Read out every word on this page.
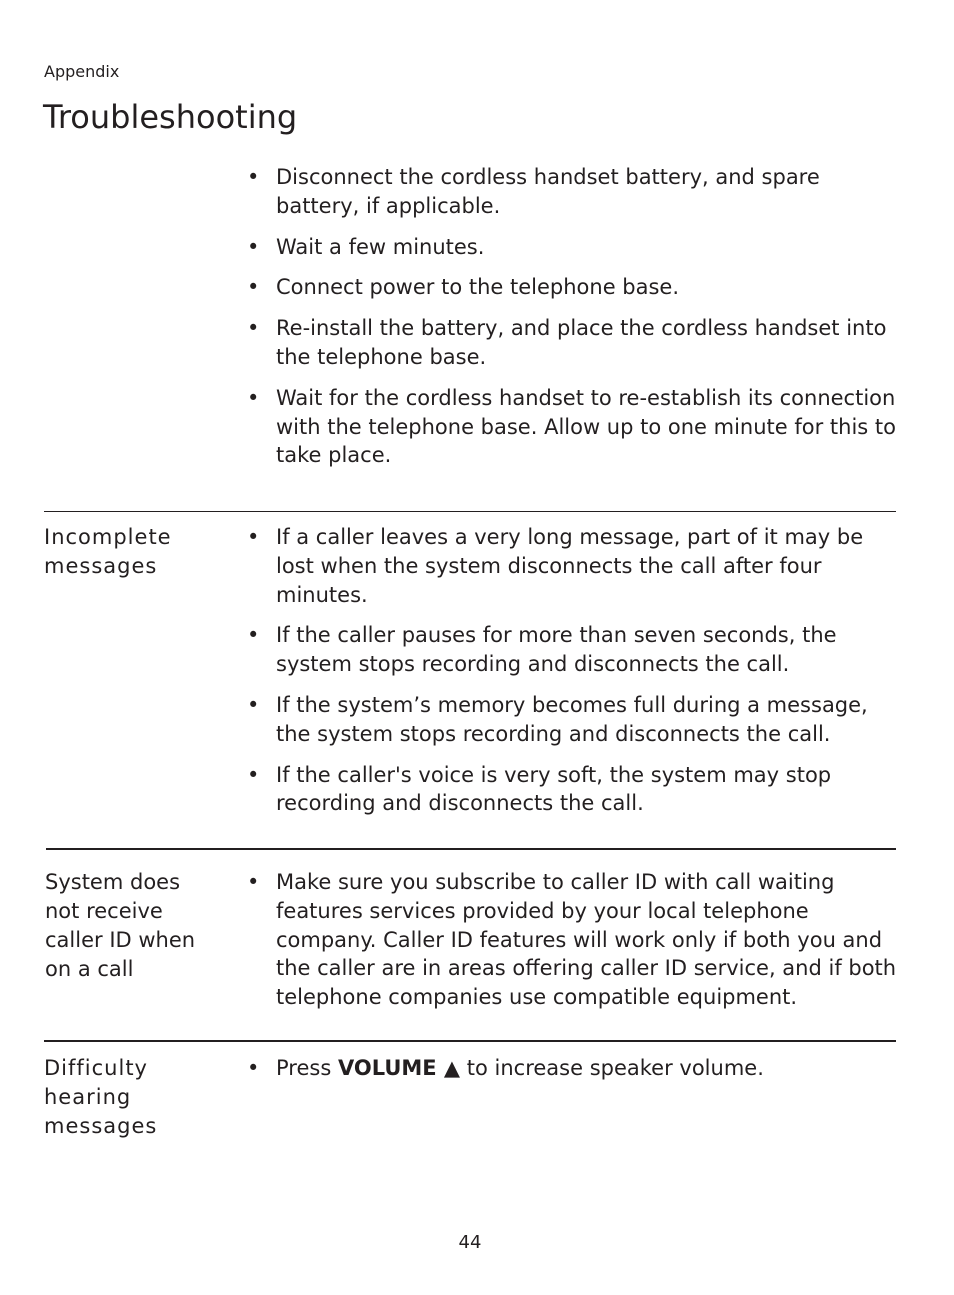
Appendix
Troubleshooting
• Disconnect the cordless handset battery, and spare battery, if applicable.
• Wait a few minutes.
• Connect power to the telephone base.
• Re-install the battery, and place the cordless handset into the telephone base.
• Wait for the cordless handset to re-establish its connection with the telephone base. Allow up to one minute for this to take place.
Incomplete messages
• If a caller leaves a very long message, part of it may be lost when the system disconnects the call after four minutes.
• If the caller pauses for more than seven seconds, the system stops recording and disconnects the call.
• If the system’s memory becomes full during a message, the system stops recording and disconnects the call.
• If the caller's voice is very soft, the system may stop recording and disconnects the call.
System does not receive caller ID when on a call
• Make sure you subscribe to caller ID with call waiting features services provided by your local telephone company. Caller ID features will work only if both you and the caller are in areas offering caller ID service, and if both telephone companies use compatible equipment.
Difficulty hearing messages
• Press VOLUME ▲ to increase speaker volume.
44
